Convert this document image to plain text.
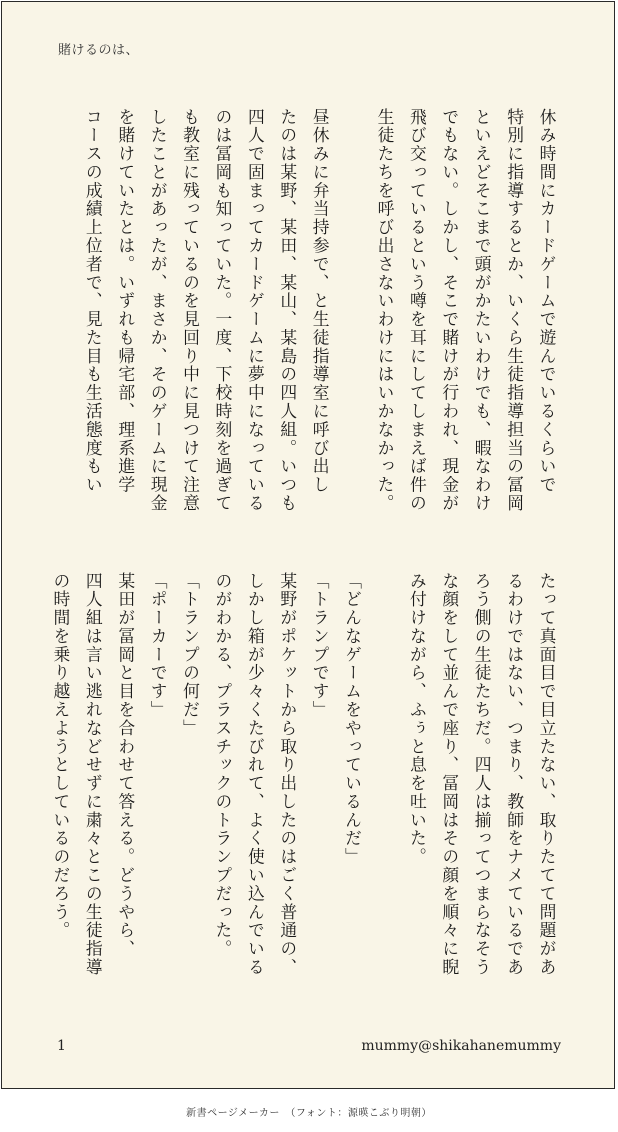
賭けるのは、

休み時間にカードゲームで遊んでいるくらいで

特別に指導するとか、いくら生徒指導担当の冨岡

といえどそこまで頭がかたいわけでも、暇なわけ

でもない。しかし、そこで賭けが行われ、現金が

飛び交っているという噂を耳にしてしまえば件の

生徒たちを呼び出さないわけにはいかなかった。

昼休みに弁当持参で、と生徒指導室に呼び出し

たのは某野、某田、某山、某島の四人組。いつも

四人で固まってカードゲームに夢中になっている

のは冨岡も知っていた。一度、下校時刻を過ぎて

も教室に残っているのを見回り中に見つけて注意

したことがあったが、まさか、そのゲームに現金

を賭けていたとは。いずれも帰宅部、理系進学

コースの成績上位者で、見た目も生活態度もい

たって真面目で目立たない、取りたてて問題があ

るわけではない、つまり、教師をナメているであ

ろう側の生徒たちだ。四人は揃ってつまらなそう

な顔をして並んで座り、冨岡はその顔を順々に睨

み付けながら、ふぅと息を吐いた。

「どんなゲームをやっているんだ」

「トランプです」

某野がポケットから取り出したのはごく普通の、

しかし箱が少々くたびれて、よく使い込んでいる

のがわかる、プラスチックのトランプだった。

「トランプの何だ」

「ポーカーです」

某田が冨岡と目を合わせて答える。どうやら、

四人組は言い逃れなどせずに粛々とこの生徒指導

の時間を乗り越えようとしているのだろう。

1	mummy@shikahanemummy
新書ページメーカー　（フォント：源暎こぶり明朝）
